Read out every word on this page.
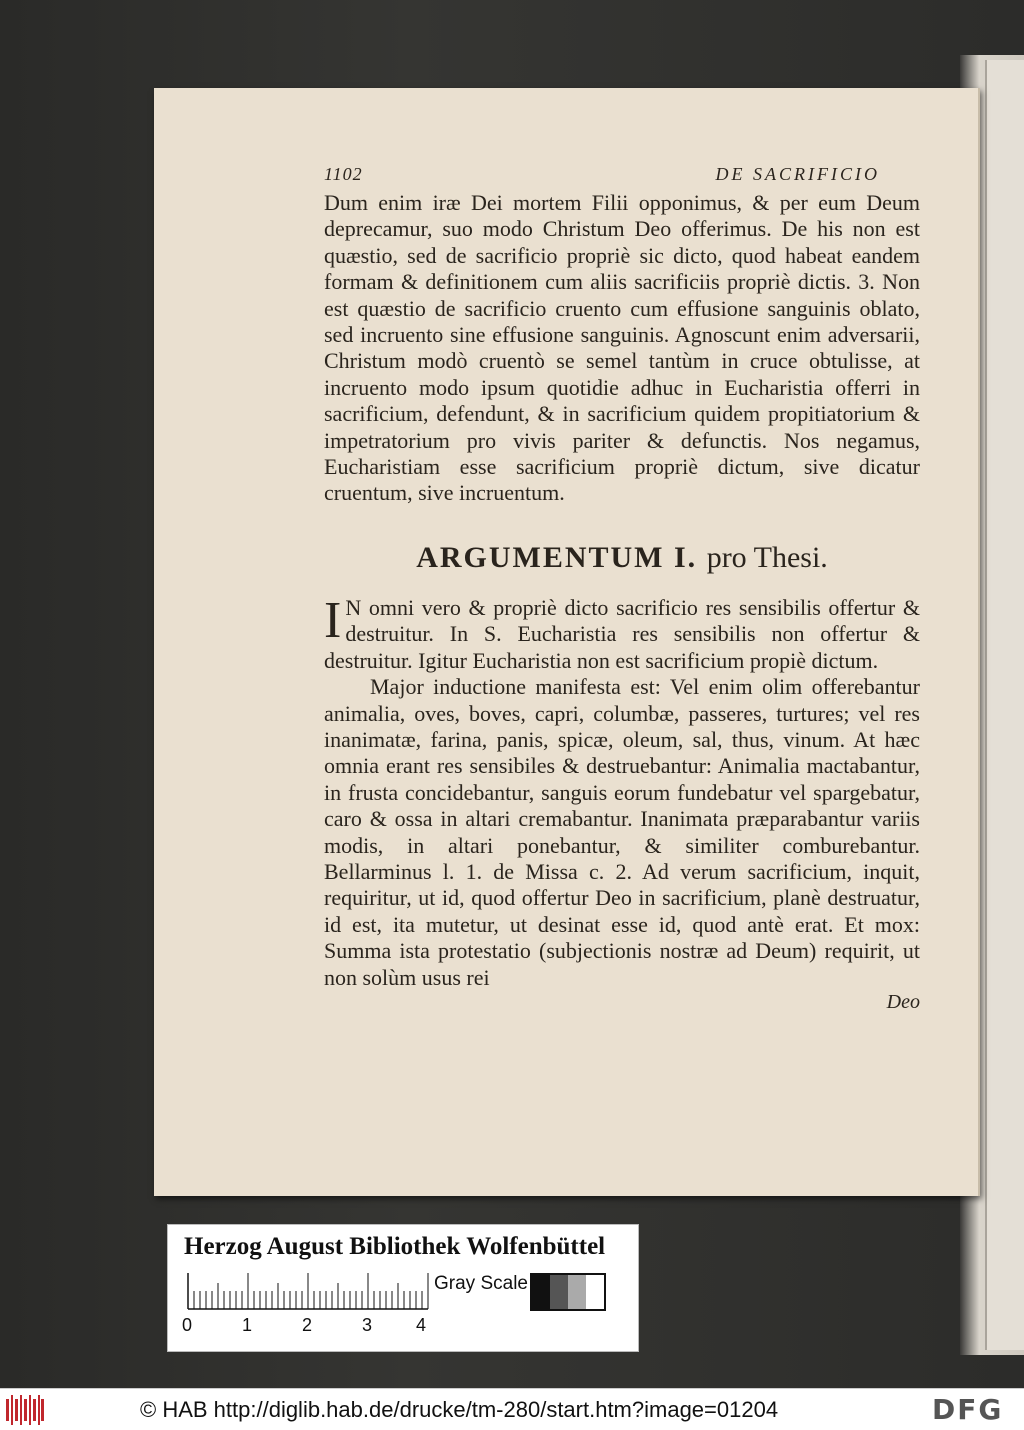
1102	DE SACRIFICIO

Dum enim iræ Dei mortem Filii opponimus, & per eum Deum deprecamur, suo modo Christum Deo offerimus. De his non est quæstio, sed de sacrificio propriè sic dicto, quod habeat eandem formam & definitionem cum aliis sacrificiis propriè dictis. 3. Non est quæstio de sacrificio cruento cum effusione sanguinis oblato, sed incruento sine effusione sanguinis. Agnoscunt enim adversarii, Christum modò cruentò se semel tantùm in cruce obtulisse, at incruento modo ipsum quotidie adhuc in Eucharistia offerri in sacrificium, defendunt, & in sacrificium quidem propitiatorium & impetratorium pro vivis pariter & defunctis. Nos negamus, Eucharistiam esse sacrificium propriè dictum, sive dicatur cruentum, sive incruentum.

ARGUMENTUM I. pro Thesi.
I N omni vero & propriè dicto sacrificio res sensibilis offertur & destruitur. In S. Eucharistia res sensibilis non offertur & destruitur. Igitur Eucharistia non est sacrificium propiè dictum.

Major inductione manifesta est: Vel enim olim offerebantur animalia, oves, boves, capri, columbæ, passeres, turtures; vel res inanimatæ, farina, panis, spicæ, oleum, sal, thus, vinum. At hæc omnia erant res sensibiles & destruebantur: Animalia mactabantur, in frusta concidebantur, sanguis eorum fundebatur vel spargebatur, caro & ossa in altari cremabantur. Inanimata præparabantur variis modis, in altari ponebantur, & similiter comburebantur. Bellarminus l. 1. de Missa c. 2. Ad verum sacrificium, inquit, requiritur, ut id, quod offertur Deo in sacrificium, planè destruatur, id est, ita mutetur, ut desinat esse id, quod antè erat. Et mox: Summa ista protestatio (subjectionis nostræ ad Deum) requirit, ut non solùm usus rei

Deo

Herzog August Bibliothek Wolfenbüttel
0	1	2	3 4
Gray Scale
© HAB http://diglib.hab.de/drucke/tm-280/start.htm?image=01204	DFG
